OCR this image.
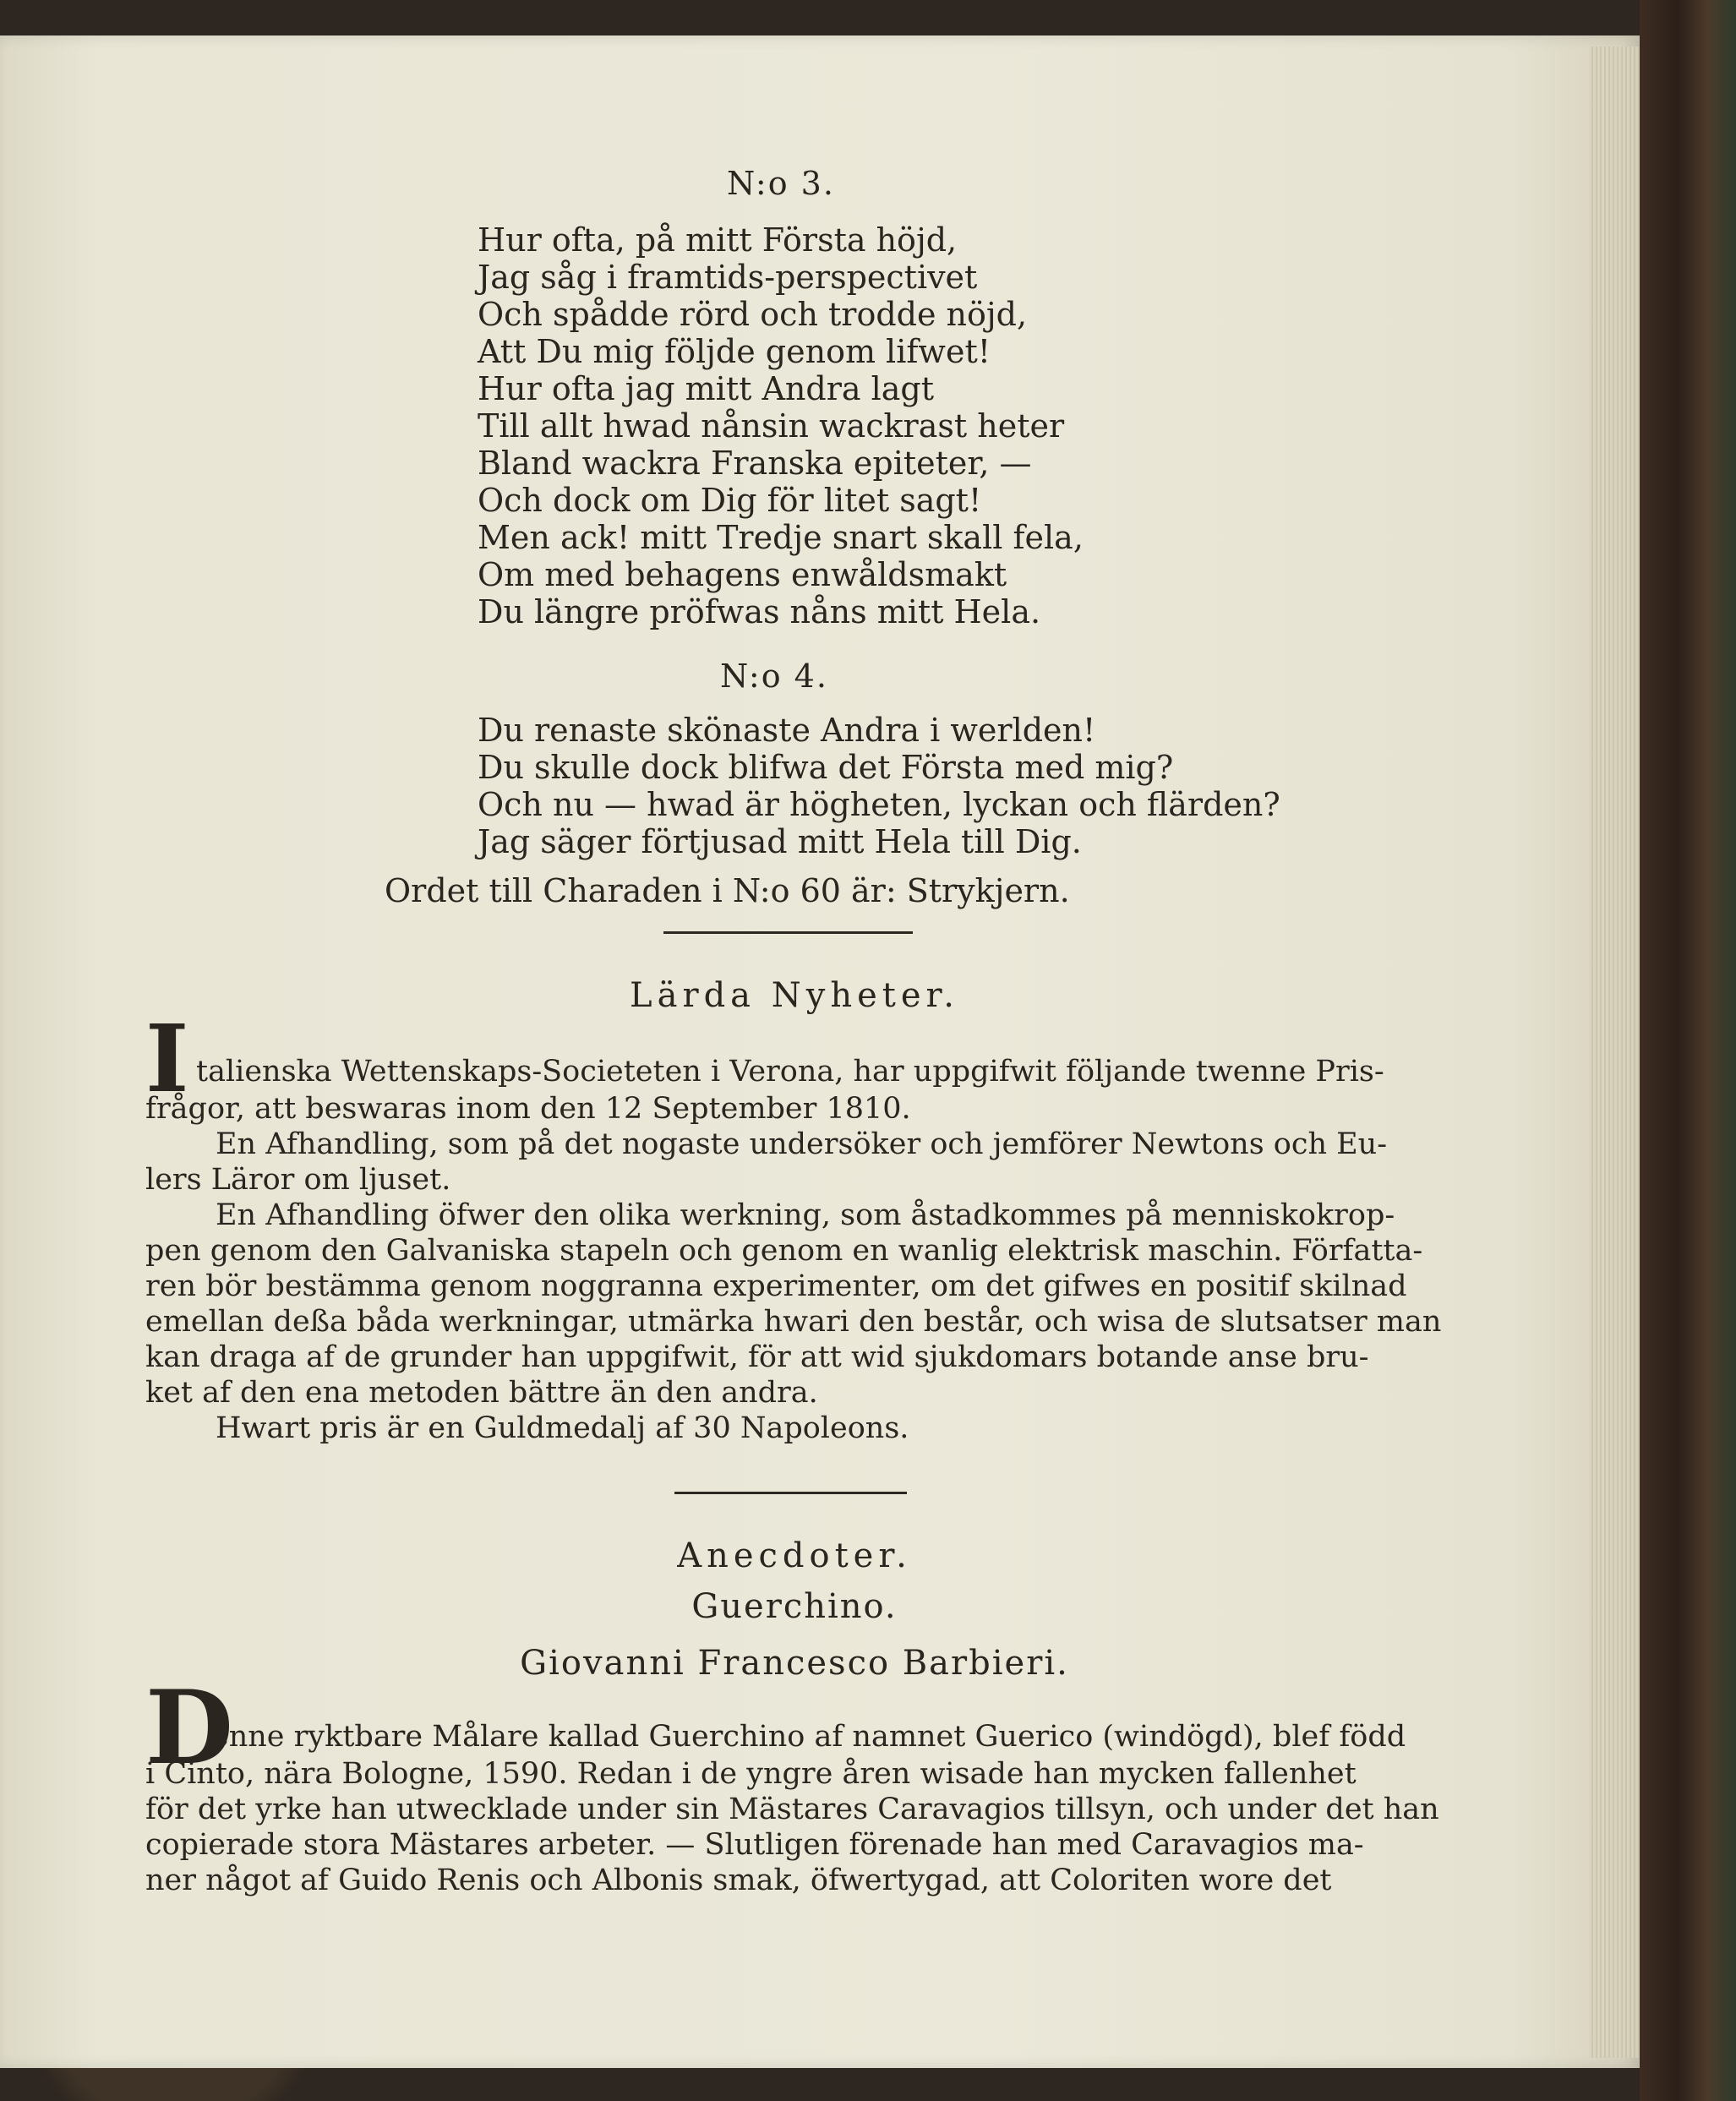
N:o 3.
Hur ofta, på mitt Första höjd,
Jag såg i framtids-perspectivet
Och spådde rörd och trodde nöjd,
Att Du mig följde genom lifwet!
Hur ofta jag mitt Andra lagt
Till allt hwad nånsin wackrast heter
Bland wackra Franska epiteter, —
Och dock om Dig för litet sagt!
Men ack! mitt Tredje snart skall fela,
Om med behagens enwåldsmakt
Du längre pröfwas nåns mitt Hela.
N:o 4.
Du renaste skönaste Andra i werlden!
Du skulle dock blifwa det Första med mig?
Och nu — hwad är högheten, lyckan och flärden?
Jag säger förtjusad mitt Hela till Dig.
Ordet till Charaden i N:o 60 är: Strykjern.
Lärda Nyheter.
I talienska Wettenskaps-Societeten i Verona, har uppgifwit följande twenne Pris-
frågor, att beswaras inom den 12 September 1810.
En Afhandling, som på det nogaste undersöker och jemförer Newtons och Eu-
lers Läror om ljuset.
En Afhandling öfwer den olika werkning, som åstadkommes på menniskokrop-
pen genom den Galvaniska stapeln och genom en wanlig elektrisk maschin. Författa-
ren bör bestämma genom noggranna experimenter, om det gifwes en positif skilnad
emellan deßa båda werkningar, utmärka hwari den består, och wisa de slutsatser man
kan draga af de grunder han uppgifwit, för att wid sjukdomars botande anse bru-
ket af den ena metoden bättre än den andra.
Hwart pris är en Guldmedalj af 30 Napoleons.
Anecdoter.
Guerchino.
Giovanni Francesco Barbieri.
D
enne ryktbare Målare kallad Guerchino af namnet Guerico (windögd), blef född
i Cinto, nära Bologne, 1590. Redan i de yngre åren wisade han mycken fallenhet
för det yrke han utwecklade under sin Mästares Caravagios tillsyn, och under det han
copierade stora Mästares arbeter. — Slutligen förenade han med Caravagios ma-
ner något af Guido Renis och Albonis smak, öfwertygad, att Coloriten wore det
